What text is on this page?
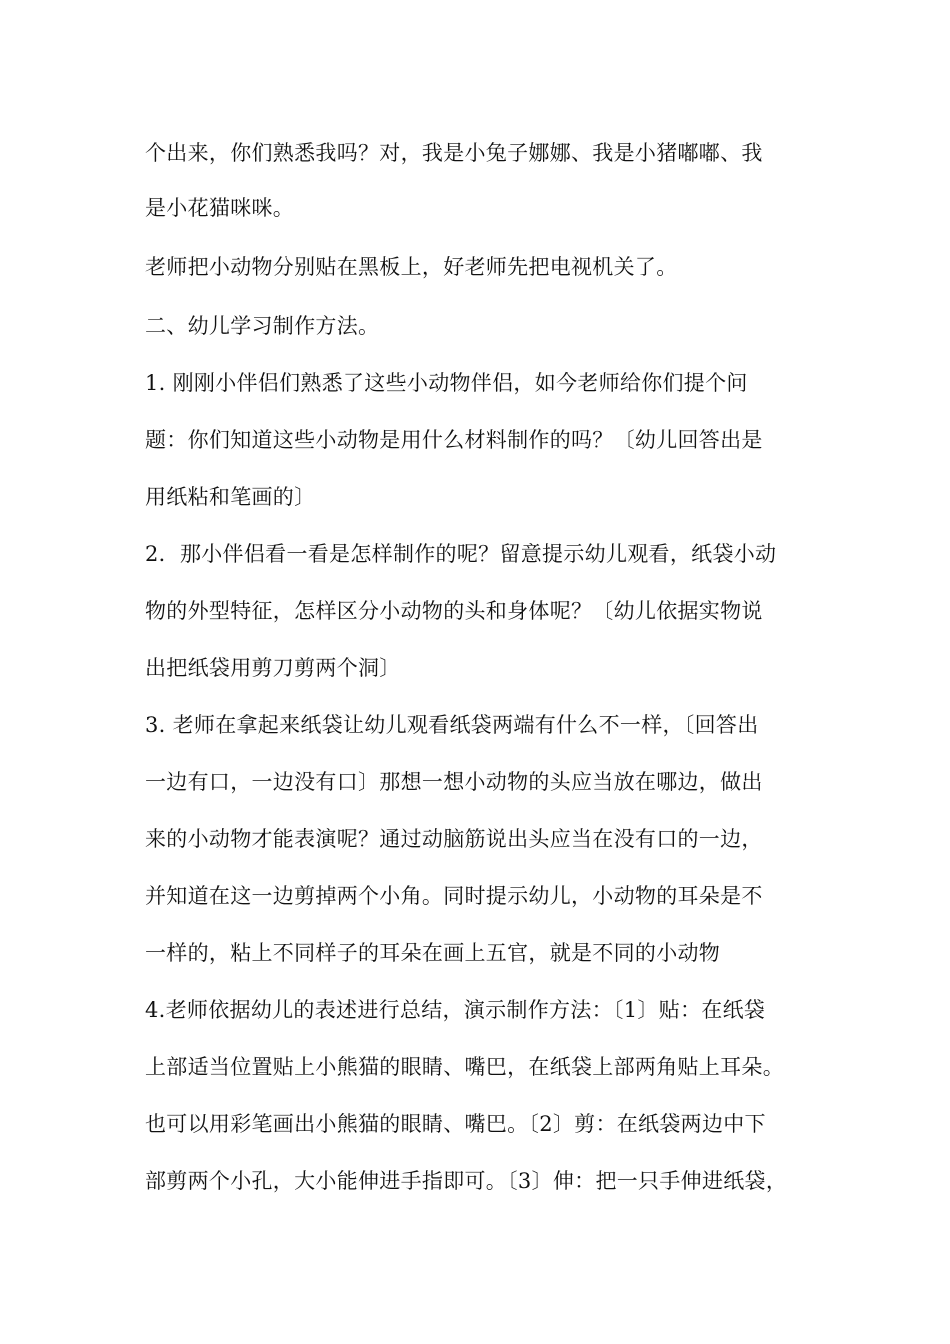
个出来，你们熟悉我吗？对，我是小兔子娜娜、我是小猪嘟嘟、我
是小花猫咪咪。
老师把小动物分别贴在黑板上，好老师先把电视机关了。
二、幼儿学习制作方法。
1. 刚刚小伴侣们熟悉了这些小动物伴侣，如今老师给你们提个问
题：你们知道这些小动物是用什么材料制作的吗？〔幼儿回答出是
用纸粘和笔画的〕
2．那小伴侣看一看是怎样制作的呢？留意提示幼儿观看，纸袋小动
物的外型特征，怎样区分小动物的头和身体呢？〔幼儿依据实物说
出把纸袋用剪刀剪两个洞〕
3. 老师在拿起来纸袋让幼儿观看纸袋两端有什么不一样，〔回答出
一边有口，一边没有口〕那想一想小动物的头应当放在哪边，做出
来的小动物才能表演呢？通过动脑筋说出头应当在没有口的一边，
并知道在这一边剪掉两个小角。同时提示幼儿，小动物的耳朵是不
一样的，粘上不同样子的耳朵在画上五官，就是不同的小动物
4.老师依据幼儿的表述进行总结，演示制作方法：〔1〕贴：在纸袋
上部适当位置贴上小熊猫的眼睛、嘴巴，在纸袋上部两角贴上耳朵。
也可以用彩笔画出小熊猫的眼睛、嘴巴。〔2〕剪：在纸袋两边中下
部剪两个小孔，大小能伸进手指即可。〔3〕伸：把一只手伸进纸袋，
